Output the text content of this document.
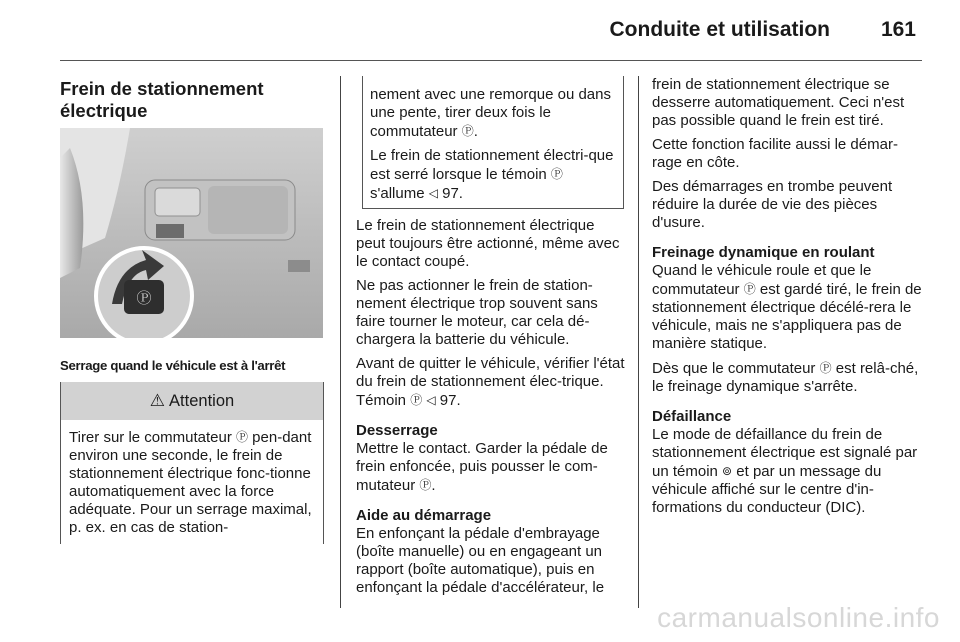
Conduite et utilisation 161
Frein de stationnement électrique
Ⓟ
Serrage quand le véhicule est à l'arrêt
⚠ Attention

Tirer sur le commutateur Ⓟ pen-dant environ une seconde, le frein de stationnement électrique fonc-tionne automatiquement avec la force adéquate. Pour un serrage maximal, p. ex. en cas de station-

nement avec une remorque ou dans une pente, tirer deux fois le commutateur Ⓟ.

Le frein de stationnement électri-que est serré lorsque le témoin Ⓟ s'allume ◁ 97.

Le frein de stationnement électrique peut toujours être actionné, même avec le contact coupé.

Ne pas actionner le frein de station-nement électrique trop souvent sans faire tourner le moteur, car cela dé-chargera la batterie du véhicule.

Avant de quitter le véhicule, vérifier l'état du frein de stationnement élec-trique. Témoin Ⓟ ◁ 97.

Desserrage

Mettre le contact. Garder la pédale de frein enfoncée, puis pousser le com-mutateur Ⓟ.

Aide au démarrage

En enfonçant la pédale d'embrayage (boîte manuelle) ou en engageant un rapport (boîte automatique), puis en enfonçant la pédale d'accélérateur, le

frein de stationnement électrique se desserre automatiquement. Ceci n'est pas possible quand le frein est tiré.

Cette fonction facilite aussi le démar-rage en côte.

Des démarrages en trombe peuvent réduire la durée de vie des pièces d'usure.

Freinage dynamique en roulant

Quand le véhicule roule et que le commutateur Ⓟ est gardé tiré, le frein de stationnement électrique décélé-rera le véhicule, mais ne s'appliquera pas de manière statique.

Dès que le commutateur Ⓟ est relâ-ché, le freinage dynamique s'arrête.

Défaillance

Le mode de défaillance du frein de stationnement électrique est signalé par un témoin ⊚ et par un message du véhicule affiché sur le centre d'in-formations du conducteur (DIC).

carmanualsonline.info
